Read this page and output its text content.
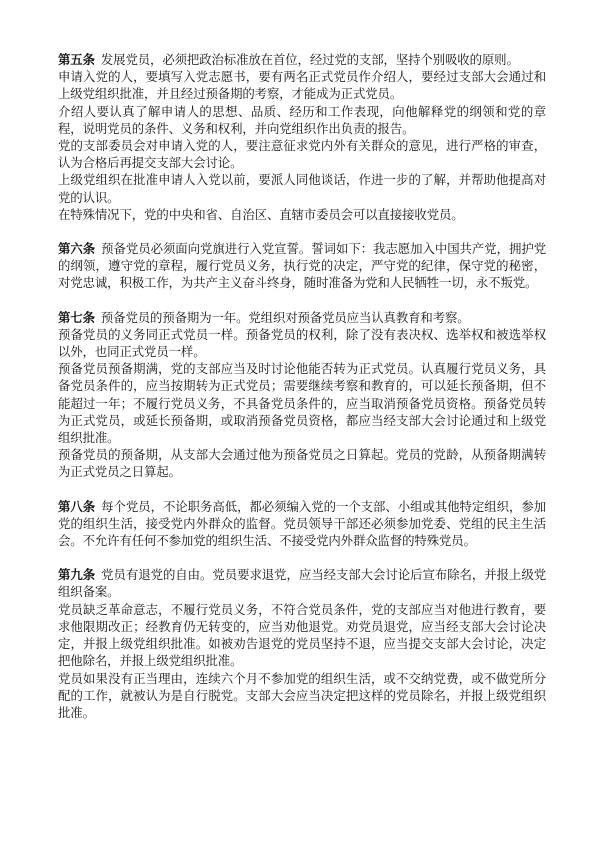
第五条 发展党员，必须把政治标准放在首位，经过党的支部，坚持个别吸收的原则。

申请入党的人，要填写入党志愿书，要有两名正式党员作介绍人，要经过支部大会通过和上级党组织批准，并且经过预备期的考察，才能成为正式党员。

介绍人要认真了解申请人的思想、品质、经历和工作表现，向他解释党的纲领和党的章程，说明党员的条件、义务和权利，并向党组织作出负责的报告。

党的支部委员会对申请入党的人，要注意征求党内外有关群众的意见，进行严格的审查，认为合格后再提交支部大会讨论。

上级党组织在批准申请人入党以前，要派人同他谈话，作进一步的了解，并帮助他提高对党的认识。

在特殊情况下，党的中央和省、自治区、直辖市委员会可以直接接收党员。

第六条 预备党员必须面向党旗进行入党宣誓。誓词如下：我志愿加入中国共产党，拥护党的纲领，遵守党的章程，履行党员义务，执行党的决定，严守党的纪律，保守党的秘密，对党忠诚，积极工作，为共产主义奋斗终身，随时准备为党和人民牺牲一切，永不叛党。

第七条 预备党员的预备期为一年。党组织对预备党员应当认真教育和考察。

预备党员的义务同正式党员一样。预备党员的权利，除了没有表决权、选举权和被选举权以外，也同正式党员一样。

预备党员预备期满，党的支部应当及时讨论他能否转为正式党员。认真履行党员义务，具备党员条件的，应当按期转为正式党员；需要继续考察和教育的，可以延长预备期，但不能超过一年；不履行党员义务，不具备党员条件的，应当取消预备党员资格。预备党员转为正式党员，或延长预备期，或取消预备党员资格，都应当经支部大会讨论通过和上级党组织批准。

预备党员的预备期，从支部大会通过他为预备党员之日算起。党员的党龄，从预备期满转为正式党员之日算起。

第八条 每个党员，不论职务高低，都必须编入党的一个支部、小组或其他特定组织，参加党的组织生活，接受党内外群众的监督。党员领导干部还必须参加党委、党组的民主生活会。不允许有任何不参加党的组织生活、不接受党内外群众监督的特殊党员。

第九条 党员有退党的自由。党员要求退党，应当经支部大会讨论后宣布除名，并报上级党组织备案。

党员缺乏革命意志，不履行党员义务，不符合党员条件，党的支部应当对他进行教育，要求他限期改正；经教育仍无转变的，应当劝他退党。劝党员退党，应当经支部大会讨论决定，并报上级党组织批准。如被劝告退党的党员坚持不退，应当提交支部大会讨论，决定把他除名，并报上级党组织批准。

党员如果没有正当理由，连续六个月不参加党的组织生活，或不交纳党费，或不做党所分配的工作，就被认为是自行脱党。支部大会应当决定把这样的党员除名，并报上级党组织批准。
